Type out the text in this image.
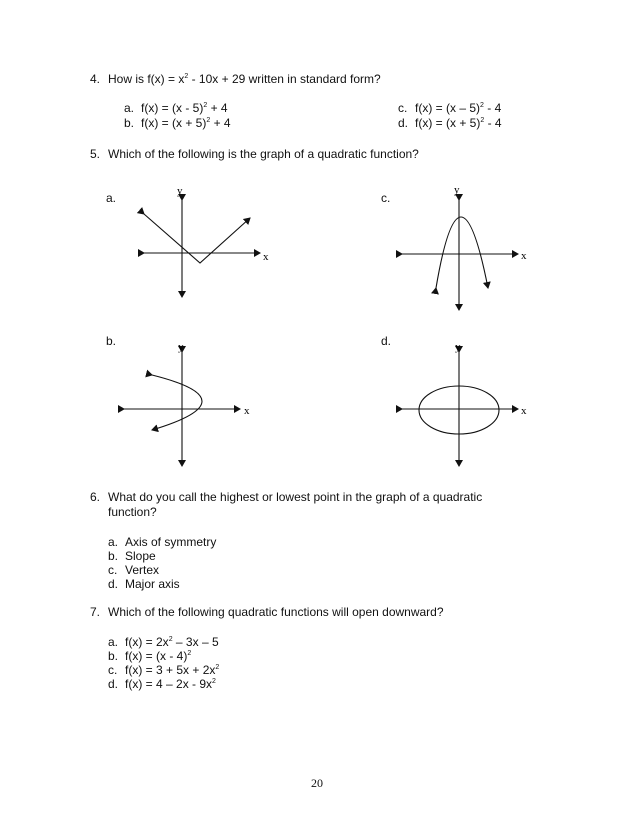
4. How is $f(x) = x^2 - 10x + 29$ written in standard form?
a. f(x) = (x - 5)$^2$ + 4
b. $f(x) = (x + 5)^2 + 4$
c. f(x) = (x – 5)$^2$ - 4
d. $f(x) = (x + 5)^2 - 4$
5. Which of the following is the graph of a quadratic function?
a.	y
x
c.
y
x
b.	y
x
d.	y
x
6. What do you call the highest or lowest point in the graph of a quadratic
function?
a. Axis of symmetry
b. Slope
c. Vertex
d. Major axis
7. Which of the following quadratic functions will open downward?
a. $f(x) = 2x^2 - 3x - 5$
b. f(x) = (x - 4)$^2$
c. $f(x) = 3 + 5x + 2x^2$
d. $f(x) = 4 - 2x - 9x^2$
20
